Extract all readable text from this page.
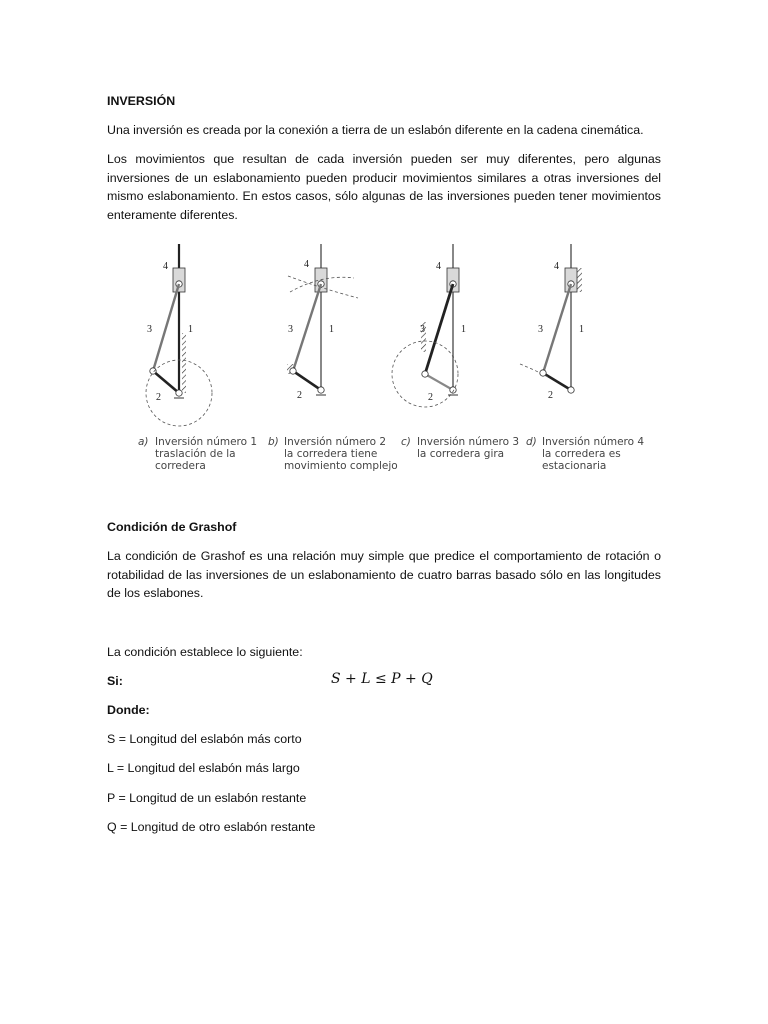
INVERSIÓN
Una inversión es creada por la conexión a tierra de un eslabón diferente en la cadena cinemática.
Los movimientos que resultan de cada inversión pueden ser muy diferentes, pero algunas
inversiones de un eslabonamiento pueden producir movimientos similares a otras inversiones del
mismo eslabonamiento. En estos casos, sólo algunas de las inversiones pueden tener movimientos
enteramente diferentes.
4
3	1
2
4
3	1
2
4
3	1
2
4
3	1
2
a) Inversión número 1
traslación de la
corredera
b) Inversión número 2
la corredera tiene
movimiento complejo
c) Inversión número 3
la corredera gira
d) Inversión número 4
la corredera es
estacionaria
Condición de Grashof
La condición de Grashof es una relación muy simple que predice el comportamiento de rotación o
rotabilidad de las inversiones de un eslabonamiento de cuatro barras basado sólo en las longitudes
de los eslabones.
La condición establece lo siguiente:
Si:	S + L ≤ P + Q
Donde:
S = Longitud del eslabón más corto
L = Longitud del eslabón más largo
P = Longitud de un eslabón restante
Q = Longitud de otro eslabón restante
